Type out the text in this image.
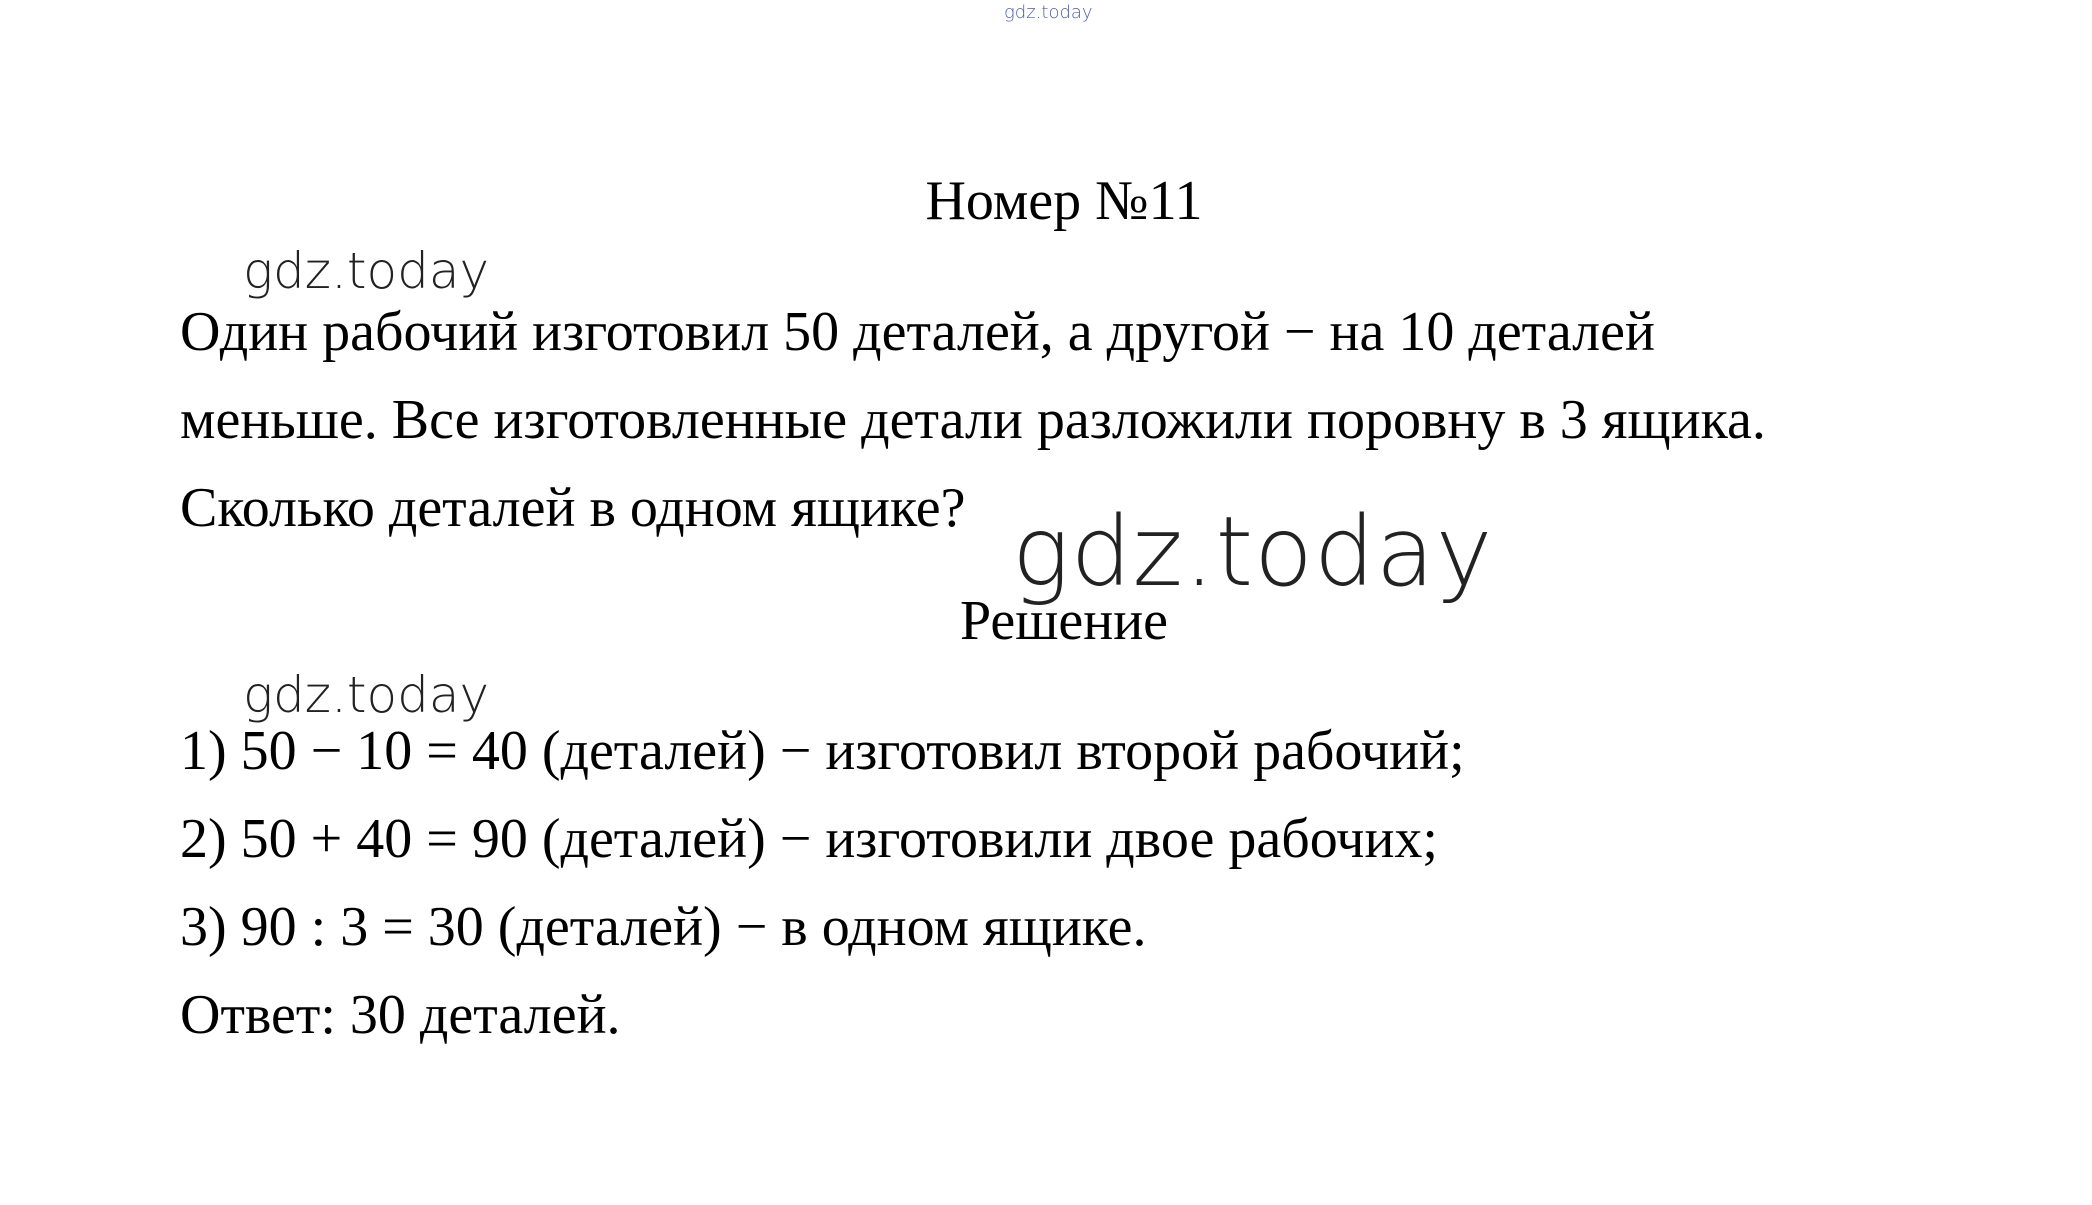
gdz.today
Номер №11
gdz.today
Один рабочий изготовил 50 деталей, а другой − на 10 деталей
меньше. Все изготовленные детали разложили поровну в 3 ящика.
Сколько деталей в одном ящике? gdz.today
Решение
gdz.today
1) 50 − 10 = 40 (деталей) − изготовил второй рабочий;
2) 50 + 40 = 90 (деталей) − изготовили двое рабочих;
3) 90 : 3 = 30 (деталей) − в одном ящике.
Ответ: 30 деталей.
